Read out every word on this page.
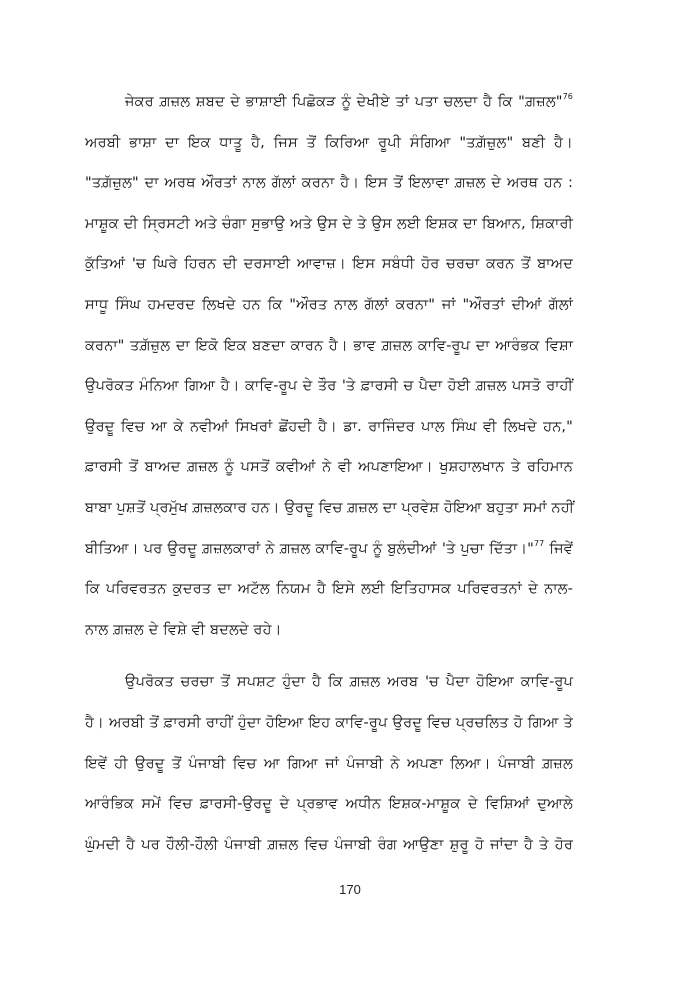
ਜੇਕਰ ਗ਼ਜ਼ਲ ਸ਼ਬਦ ਦੇ ਭਾਸ਼ਾਈ ਪਿਛੋਕੜ ਨੂੰ ਦੇਖੀਏ ਤਾਂ ਪਤਾ ਚਲਦਾ ਹੈ ਕਿ "ਗ਼ਜ਼ਲ"$^{76}$
ਅਰਬੀ ਭਾਸ਼ਾ ਦਾ ਇਕ ਧਾਤੂ ਹੈ, ਜਿਸ ਤੋਂ ਕਿਰਿਆ ਰੂਪੀ ਸੰਗਿਆ "ਤਗ਼ੱਜ਼ੁਲ" ਬਣੀ ਹੈ।
"ਤਗ਼ੱਜ਼ੁਲ" ਦਾ ਅਰਥ ਔਰਤਾਂ ਨਾਲ ਗੱਲਾਂ ਕਰਨਾ ਹੈ। ਇਸ ਤੋਂ ਇਲਾਵਾ ਗ਼ਜ਼ਲ ਦੇ ਅਰਥ ਹਨ :
ਮਾਸ਼ੂਕ ਦੀ ਸ੍ਰਿਸਟੀ ਅਤੇ ਚੰਗਾ ਸੁਭਾਉ ਅਤੇ ਉਸ ਦੇ ਤੇ ਉਸ ਲਈ ਇਸ਼ਕ ਦਾ ਬਿਆਨ, ਸ਼ਿਕਾਰੀ
ਕੁੱਤਿਆਂ 'ਚ ਘਿਰੇ ਹਿਰਨ ਦੀ ਦਰਸਾਈ ਆਵਾਜ਼। ਇਸ ਸਬੰਧੀ ਹੋਰ ਚਰਚਾ ਕਰਨ ਤੋਂ ਬਾਅਦ
ਸਾਧੂ ਸਿੰਘ ਹਮਦਰਦ ਲਿਖਦੇ ਹਨ ਕਿ "ਔਰਤ ਨਾਲ ਗੱਲਾਂ ਕਰਨਾ" ਜਾਂ "ਔਰਤਾਂ ਦੀਆਂ ਗੱਲਾਂ
ਕਰਨਾ" ਤਗ਼ੱਜ਼ੁਲ ਦਾ ਇਕੋ ਇਕ ਬਣਦਾ ਕਾਰਨ ਹੈ। ਭਾਵ ਗ਼ਜ਼ਲ ਕਾਵਿ-ਰੂਪ ਦਾ ਆਰੰਭਕ ਵਿਸ਼ਾ
ਉਪਰੋਕਤ ਮੰਨਿਆ ਗਿਆ ਹੈ। ਕਾਵਿ-ਰੂਪ ਦੇ ਤੌਰ 'ਤੇ ਫ਼ਾਰਸੀ ਚ ਪੈਦਾ ਹੋਈ ਗ਼ਜ਼ਲ ਪਸਤੋ ਰਾਹੀਂ
ਉਰਦੂ ਵਿਚ ਆ ਕੇ ਨਵੀਆਂ ਸਿਖਰਾਂ ਛੋਂਹਦੀ ਹੈ। ਡਾ. ਰਾਜਿੰਦਰ ਪਾਲ ਸਿੰਘ ਵੀ ਲਿਖਦੇ ਹਨ,"
ਫ਼ਾਰਸੀ ਤੋਂ ਬਾਅਦ ਗ਼ਜ਼ਲ ਨੂੰ ਪਸਤੋਂ ਕਵੀਆਂ ਨੇ ਵੀ ਅਪਣਾਇਆ। ਖੁਸ਼ਹਾਲਖਾਨ ਤੇ ਰਹਿਮਾਨ
ਬਾਬਾ ਪੁਸ਼ਤੋਂ ਪ੍ਰਮੁੱਖ ਗ਼ਜ਼ਲਕਾਰ ਹਨ। ਉਰਦੂ ਵਿਚ ਗ਼ਜ਼ਲ ਦਾ ਪ੍ਰਵੇਸ਼ ਹੋਇਆ ਬਹੁਤਾ ਸਮਾਂ ਨਹੀਂ
ਬੀਤਿਆ। ਪਰ ਉਰਦੂ ਗ਼ਜ਼ਲਕਾਰਾਂ ਨੇ ਗ਼ਜ਼ਲ ਕਾਵਿ-ਰੂਪ ਨੂੰ ਬੁਲੰਦੀਆਂ 'ਤੇ ਪੁਚਾ ਦਿੱਤਾ।"$^{77}$ ਜਿਵੇਂ
ਕਿ ਪਰਿਵਰਤਨ ਕੁਦਰਤ ਦਾ ਅਟੱਲ ਨਿਯਮ ਹੈ ਇਸੇ ਲਈ ਇਤਿਹਾਸਕ ਪਰਿਵਰਤਨਾਂ ਦੇ ਨਾਲ-
ਨਾਲ ਗ਼ਜ਼ਲ ਦੇ ਵਿਸ਼ੇ ਵੀ ਬਦਲਦੇ ਰਹੇ।

ਉਪਰੋਕਤ ਚਰਚਾ ਤੋਂ ਸਪਸ਼ਟ ਹੁੰਦਾ ਹੈ ਕਿ ਗ਼ਜ਼ਲ ਅਰਬ 'ਚ ਪੈਦਾ ਹੋਇਆ ਕਾਵਿ-ਰੂਪ
ਹੈ। ਅਰਬੀ ਤੋਂ ਫ਼ਾਰਸੀ ਰਾਹੀਂ ਹੁੰਦਾ ਹੋਇਆ ਇਹ ਕਾਵਿ-ਰੂਪ ਉਰਦੂ ਵਿਚ ਪ੍ਰਚਲਿਤ ਹੋ ਗਿਆ ਤੇ
ਇਵੇਂ ਹੀ ਉਰਦੂ ਤੋਂ ਪੰਜਾਬੀ ਵਿਚ ਆ ਗਿਆ ਜਾਂ ਪੰਜਾਬੀ ਨੇ ਅਪਣਾ ਲਿਆ। ਪੰਜਾਬੀ ਗ਼ਜ਼ਲ
ਆਰੰਭਿਕ ਸਮੇਂ ਵਿਚ ਫ਼ਾਰਸੀ-ਉਰਦੂ ਦੇ ਪ੍ਰਭਾਵ ਅਧੀਨ ਇਸ਼ਕ-ਮਾਸ਼ੂਕ ਦੇ ਵਿਸ਼ਿਆਂ ਦੁਆਲੇ
ਘੁੰਮਦੀ ਹੈ ਪਰ ਹੌਲੀ-ਹੌਲੀ ਪੰਜਾਬੀ ਗ਼ਜ਼ਲ ਵਿਚ ਪੰਜਾਬੀ ਰੰਗ ਆਉਣਾ ਸ਼ੁਰੂ ਹੋ ਜਾਂਦਾ ਹੈ ਤੇ ਹੋਰ

170
